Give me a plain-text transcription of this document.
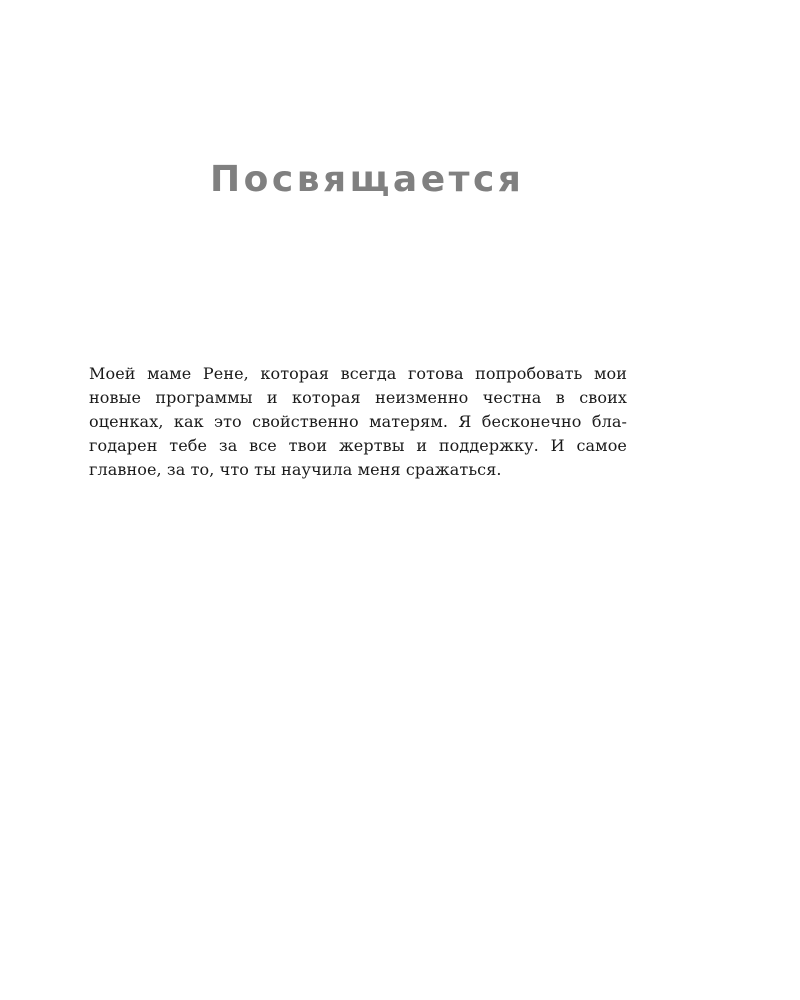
Посвящается
Моей маме Рене, которая всегда готова попробовать мои
новые программы и которая неизменно честна в своих
оценках, как это свойственно матерям. Я бесконечно бла-
годарен тебе за все твои жертвы и поддержку. И самое
главное, за то, что ты научила меня сражаться.
